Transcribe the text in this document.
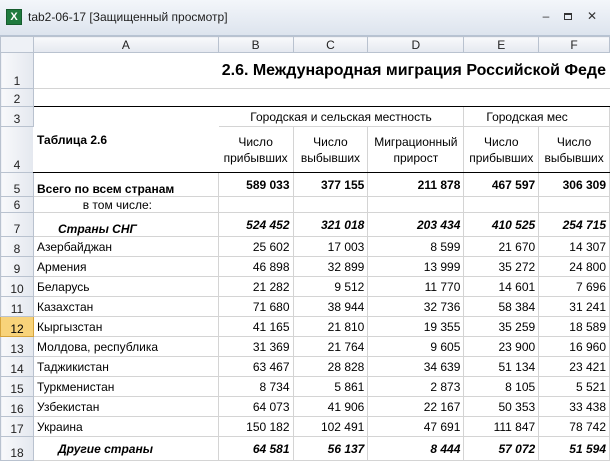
X tab2-06-17 [Защищенный просмотр]	–	✕
	A	B	C	D	E	F
1		2.6. Международная миграция Российской Феде				
2						
3	Таблица 2.6	Городская и сельская местность			Городская мес	
4		Число прибывших	Число выбывших	Миграционный прирост	Число прибывших	Число выбывших
5	Всего по всем странам	589 033	377 155	211 878	467 597	306 309
6	в том числе:					
7	Страны СНГ	524 452	321 018	203 434	410 525	254 715
8	Азербайджан	25 602	17 003	8 599	21 670	14 307
9	Армения	46 898	32 899	13 999	35 272	24 800
10	Беларусь	21 282	9 512	11 770	14 601	7 696
11	Казахстан	71 680	38 944	32 736	58 384	31 241
12	Кыргызстан	41 165	21 810	19 355	35 259	18 589
13	Молдова, республика	31 369	21 764	9 605	23 900	16 960
14	Таджикистан	63 467	28 828	34 639	51 134	23 421
15	Туркменистан	8 734	5 861	2 873	8 105	5 521
16	Узбекистан	64 073	41 906	22 167	50 353	33 438
17	Украина	150 182	102 491	47 691	111 847	78 742
18	Другие страны	64 581	56 137	8 444	57 072	51 594
